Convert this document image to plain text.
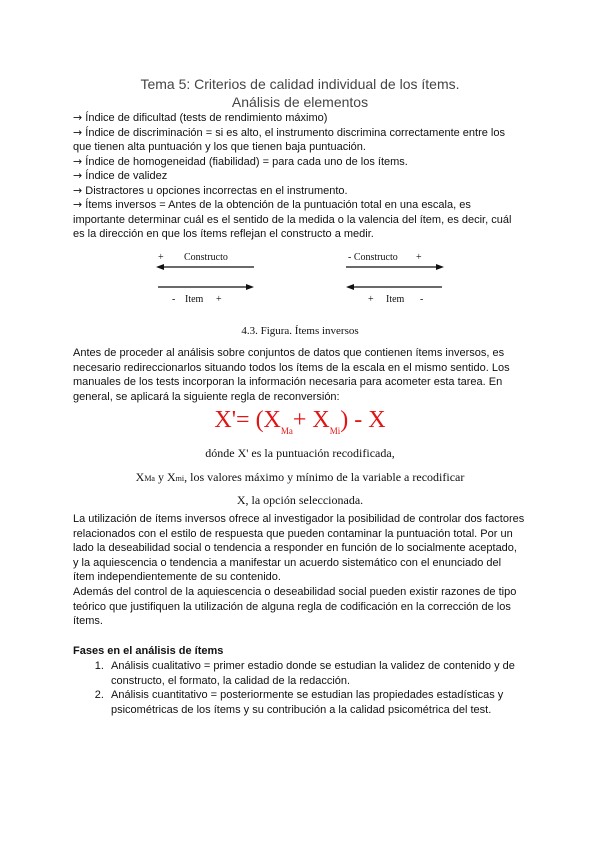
Tema 5: Criterios de calidad individual de los ítems.
Análisis de elementos
→ Índice de dificultad (tests de rendimiento máximo)
→ Índice de discriminación = si es alto, el instrumento discrimina correctamente entre los
que tienen alta puntuación y los que tienen baja puntuación.
→ Índice de homogeneidad (fiabilidad) = para cada uno de los ítems.
→ Índice de validez
→ Distractores u opciones incorrectas en el instrumento.
→ Ítems inversos = Antes de la obtención de la puntuación total en una escala, es
importante determinar cuál es el sentido de la medida o la valencia del ítem, es decir, cuál
es la dirección en que los ítems reflejan el constructo a medir.
+ Constructo
- Item +
- Constructo +
+ Item -
4.3. Figura. Ítems inversos

Antes de proceder al análisis sobre conjuntos de datos que contienen ítems inversos, es necesario redireccionarlos situando todos los ítems de la escala en el mismo sentido. Los manuales de los tests incorporan la información necesaria para acometer esta tarea. En general, se aplicará la siguiente regla de reconversión:

$X'= (X_{Ma}+ X_{Mi}) - X$
dónde X' es la puntuación recodificada,
XMa y Xmi, los valores máximo y mínimo de la variable a recodificar
X, la opción seleccionada.

La utilización de ítems inversos ofrece al investigador la posibilidad de controlar dos factores relacionados con el estilo de respuesta que pueden contaminar la puntuación total. Por un lado la deseabilidad social o tendencia a responder en función de lo socialmente aceptado, y la aquiescencia o tendencia a manifestar un acuerdo sistemático con el enunciado del ítem independientemente de su contenido.

Además del control de la aquiescencia o deseabilidad social pueden existir razones de tipo teórico que justifiquen la utilización de alguna regla de codificación en la corrección de los ítems.

Fases en el análisis de ítems
1. Análisis cualitativo = primer estadio donde se estudian la validez de contenido y de constructo, el formato, la calidad de la redacción.
2. Análisis cuantitativo = posteriormente se estudian las propiedades estadísticas y psicométricas de los ítems y su contribución a la calidad psicométrica del test.
